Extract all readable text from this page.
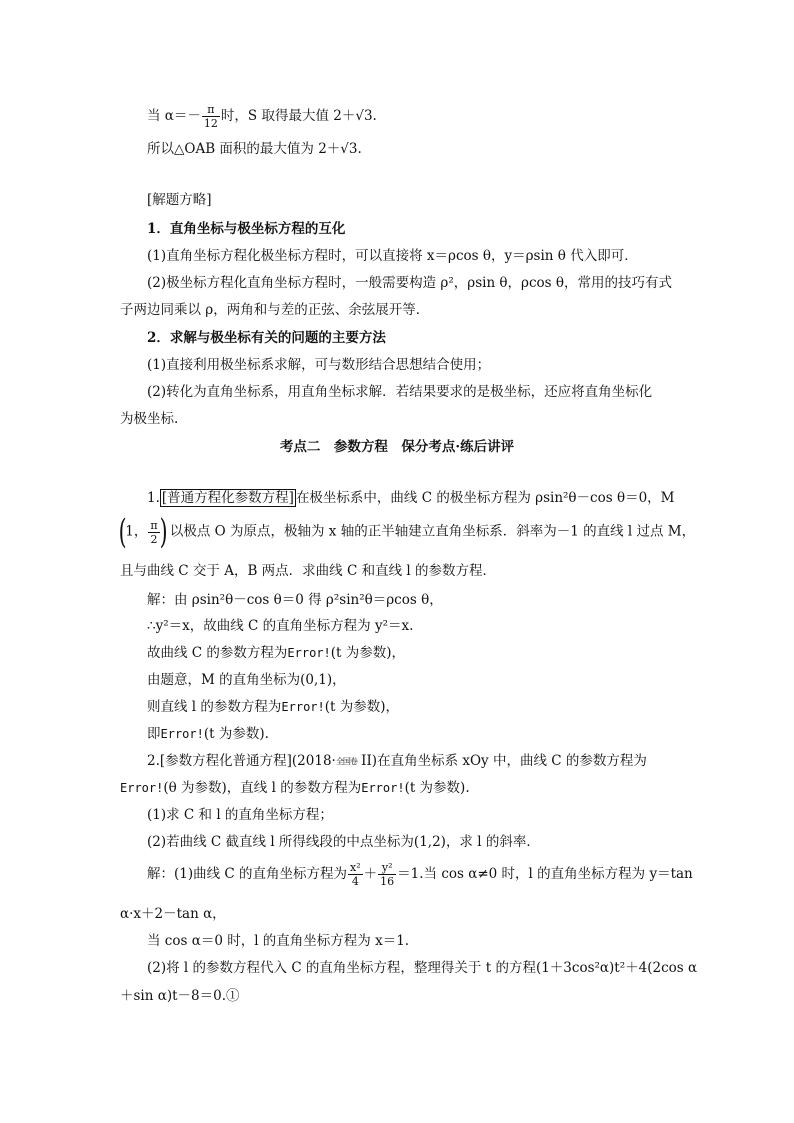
当 $\alpha=- \frac{\pi}{12}$ 时，S 取得最大值 2＋√3.
所以△OAB 面积的最大值为 2＋√3.
[解题方略]
1．直角坐标与极坐标方程的互化
(1)直角坐标方程化极坐标方程时，可以直接将 x＝ρcos θ，y＝ρsin θ 代入即可．
(2)极坐标方程化直角坐标方程时，一般需要构造 ρ²，ρsin θ，ρcos θ，常用的技巧有式
子两边同乘以 ρ，两角和与差的正弦、余弦展开等．
2．求解与极坐标有关的问题的主要方法
(1)直接利用极坐标系求解，可与数形结合思想结合使用；
(2)转化为直角坐标系，用直角坐标求解．若结果要求的是极坐标，还应将直角坐标化
为极坐标.
考点二　参数方程　保分考点·练后讲评
1. [普通方程化参数方程] 在极坐标系中，曲线 C 的极坐标方程为 ρsin²θ－cos θ＝0，M
(1， $\frac{\pi}{2}$ ) 以极点 O 为原点，极轴为 x 轴的正半轴建立直角坐标系．斜率为－1 的直线 l 过点 M，
且与曲线 C 交于 A，B 两点．求曲线 C 和直线 l 的参数方程．
解：由 ρsin²θ－cos θ＝0 得 ρ²sin²θ＝ρcos θ，
∴y²＝x，故曲线 C 的直角坐标方程为 y²＝x.
故曲线 C 的参数方程为Error!(t 为参数)，
由题意，M 的直角坐标为(0,1)，
则直线 l 的参数方程为Error!(t 为参数)，
即Error!(t 为参数).
2.[参数方程化普通方程](2018·全国卷 II)在直角坐标系 xOy 中，曲线 C 的参数方程为
Error!(θ 为参数)，直线 l 的参数方程为Error!(t 为参数).
(1)求 C 和 l 的直角坐标方程；
(2)若曲线 C 截直线 l 所得线段的中点坐标为(1,2)，求 l 的斜率．
解：(1)曲线 C 的直角坐标方程为 $\frac{\text{x²}}{4} + \frac{\text{y²}}{16} =1$.当 cos α≠0 时，l 的直角坐标方程为 y＝tan
α·x＋2－tan α，
当 cos α＝0 时，l 的直角坐标方程为 x＝1.
(2)将 l 的参数方程代入 C 的直角坐标方程，整理得关于 t 的方程(1＋3cos²α)t²＋4(2cos α
＋sin α)t－8＝0.①
